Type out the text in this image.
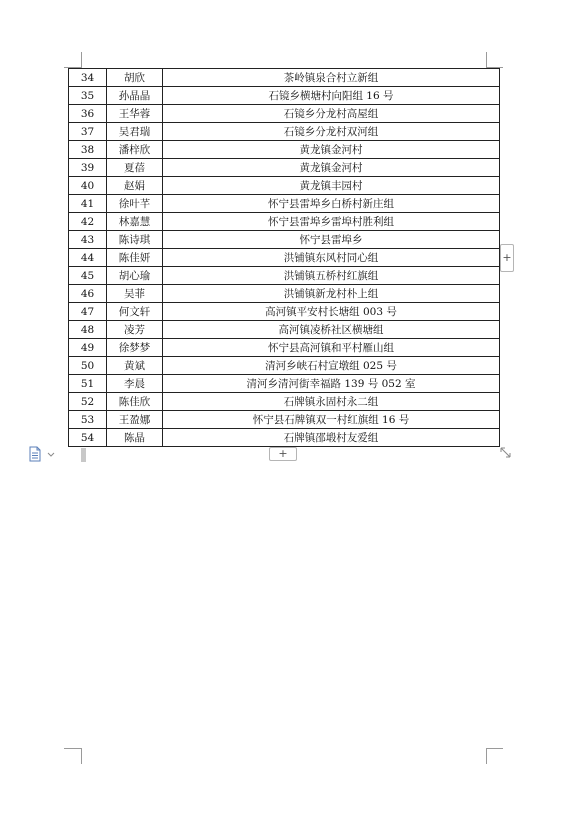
34	胡欣	茶岭镇泉合村立新组
35	孙晶晶	石镜乡横塘村向阳组 16 号
36	王华蓉	石镜乡分龙村高屋组
37	吴君瑞	石镜乡分龙村双河组
38	潘梓欣	黄龙镇金河村
39	夏蓓	黄龙镇金河村
40	赵娟	黄龙镇丰园村
41	徐叶芊	怀宁县雷埠乡白桥村新庄组
42	林嘉慧	怀宁县雷埠乡雷埠村胜利组
43	陈诗琪	怀宁县雷埠乡
44	陈佳妍	洪铺镇东风村同心组
45	胡心瑜	洪铺镇五桥村红旗组
46	吴菲	洪铺镇新龙村朴上组
47	何文轩	高河镇平安村长塘组 003 号
48	凌芳	高河镇凌桥社区横塘组
49	徐梦梦	怀宁县高河镇和平村雁山组
50	黄斌	清河乡峡石村宣墩组 025 号
51	李晨	清河乡清河街幸福路 139 号 052 室
52	陈佳欣	石牌镇永固村永二组
53	王盈娜	怀宁县石牌镇双一村红旗组 16 号
54	陈晶	石牌镇邵塅村友爱组
+
+
